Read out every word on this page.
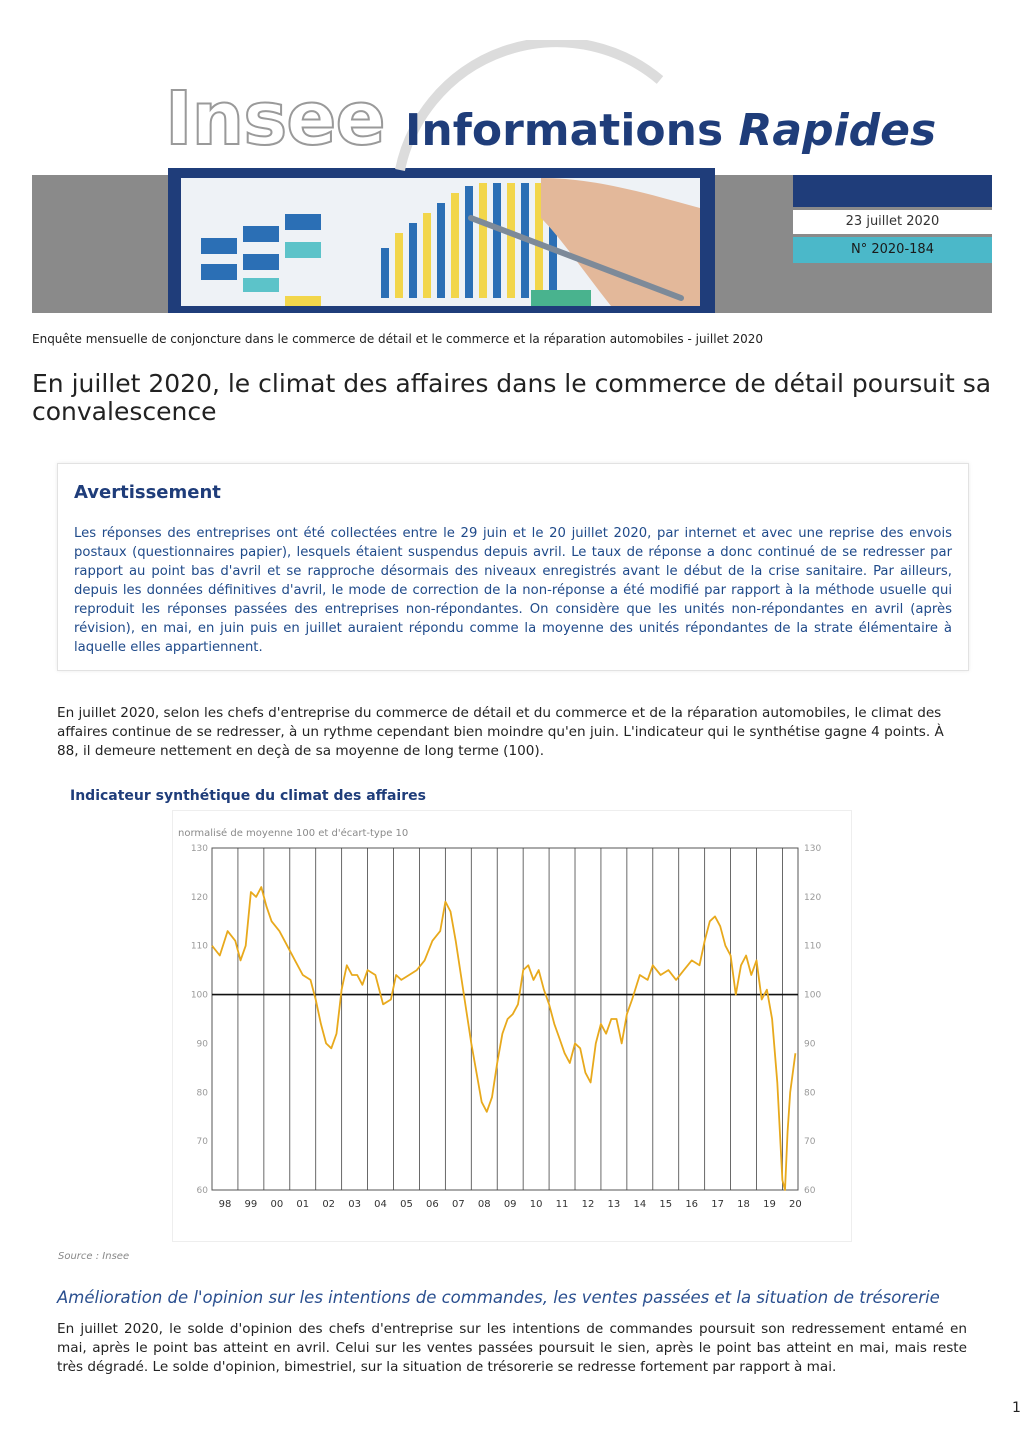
23 juillet 2020
N° 2020-184
Insee Informations Rapides
Enquête mensuelle de conjoncture dans le commerce de détail et le commerce et la réparation automobiles - juillet 2020
En juillet 2020, le climat des affaires dans le commerce de détail poursuit sa convalescence
Avertissement
Les réponses des entreprises ont été collectées entre le 29 juin et le 20 juillet 2020, par internet et avec une reprise des envois postaux (questionnaires papier), lesquels étaient suspendus depuis avril. Le taux de réponse a donc continué de se redresser par rapport au point bas d'avril et se rapproche désormais des niveaux enregistrés avant le début de la crise sanitaire. Par ailleurs, depuis les données définitives d'avril, le mode de correction de la non-réponse a été modifié par rapport à la méthode usuelle qui reproduit les réponses passées des entreprises non-répondantes. On considère que les unités non-répondantes en avril (après révision), en mai, en juin puis en juillet auraient répondu comme la moyenne des unités répondantes de la strate élémentaire à laquelle elles appartiennent.
En juillet 2020, selon les chefs d'entreprise du commerce de détail et du commerce et de la réparation automobiles, le climat des affaires continue de se redresser, à un rythme cependant bien moindre qu'en juin. L'indicateur qui le synthétise gagne 4 points. À 88, il demeure nettement en deçà de sa moyenne de long terme (100).
Indicateur synthétique du climat des affaires
normalisé de moyenne 100 et d'écart-type 10
60
70
80
90
100
110
120
130
60
70
80
90
100
110
120
130
98 99 00 01 02 03 04 05 06 07 08 09 10 11 12 13 14 15 16 17 18 19 20
Source : Insee
Amélioration de l'opinion sur les intentions de commandes, les ventes passées et la situation de trésorerie
En juillet 2020, le solde d'opinion des chefs d'entreprise sur les intentions de commandes poursuit son redressement entamé en mai, après le point bas atteint en avril. Celui sur les ventes passées poursuit le sien, après le point bas atteint en mai, mais reste très dégradé. Le solde d'opinion, bimestriel, sur la situation de trésorerie se redresse fortement par rapport à mai.
1
